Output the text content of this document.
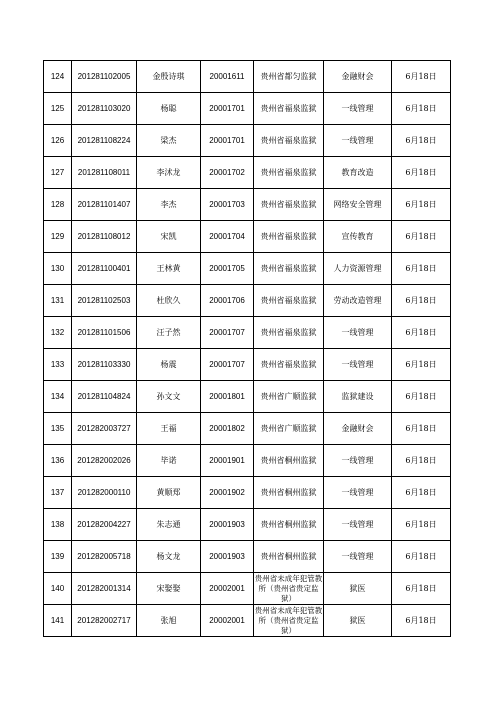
124	201281102005	金殷诗琪	20001611	贵州省都匀监狱	金融财会	6月18日
125	201281103020	杨聪	20001701	贵州省福泉监狱	一线管理	6月18日
126	201281108224	梁杰	20001701	贵州省福泉监狱	一线管理	6月18日
127	201281108011	李沭龙	20001702	贵州省福泉监狱	教育改造	6月18日
128	201281101407	李杰	20001703	贵州省福泉监狱	网络安全管理	6月18日
129	201281108012	宋凯	20001704	贵州省福泉监狱	宣传教育	6月18日
130	201281100401	王林黄	20001705	贵州省福泉监狱	人力资源管理	6月18日
131	201281102503	杜欣久	20001706	贵州省福泉监狱	劳动改造管理	6月18日
132	201281101506	汪子然	20001707	贵州省福泉监狱	一线管理	6月18日
133	201281103330	杨震	20001707	贵州省福泉监狱	一线管理	6月18日
134	201281104824	孙文文	20001801	贵州省广顺监狱	监狱建设	6月18日
135	201282003727	王福	20001802	贵州省广顺监狱	金融财会	6月18日
136	201282002026	毕诺	20001901	贵州省桐州监狱	一线管理	6月18日
137	201282000110	黄顺郑	20001902	贵州省桐州监狱	一线管理	6月18日
138	201282004227	朱志通	20001903	贵州省桐州监狱	一线管理	6月18日
139	201282005718	杨文龙	20001903	贵州省桐州监狱	一线管理	6月18日
140	201282001314	宋娶娶	20002001	贵州省未成年犯管教所（贵州省贵定监狱）	狱医	6月18日
141	201282002717	张旭	20002001	贵州省未成年犯管教所（贵州省贵定监狱）	狱医	6月18日
